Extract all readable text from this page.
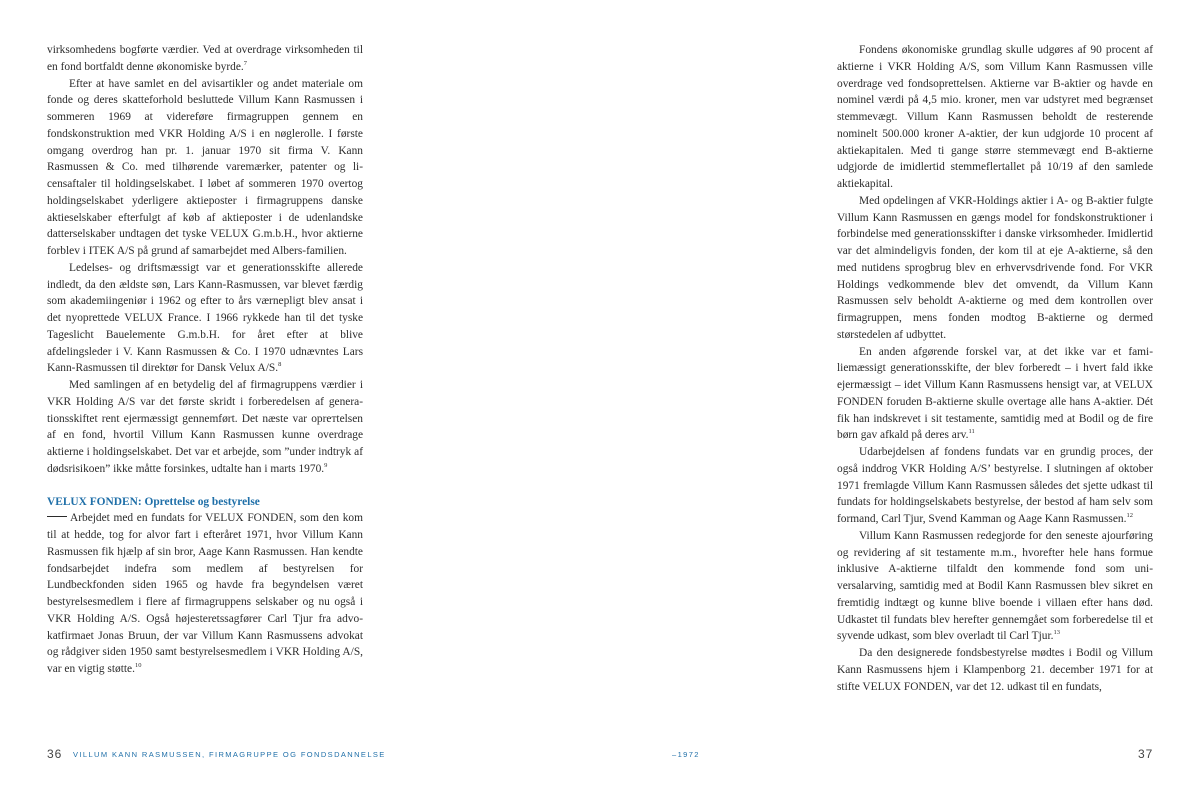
virksomhedens bogførte værdier. Ved at overdrage virksomheden til en fond bortfaldt denne økonomiske byrde.$^7$

Efter at have samlet en del avisartikler og andet materiale om fonde og deres skatteforhold besluttede Villum Kann Rasmussen i sommeren 1969 at videreføre firmagruppen gennem en fondskonstruktion med VKR Holding A/S i en nøglerolle. I første omgang overdrog han pr. 1. januar 1970 sit firma V. Kann Rasmussen & Co. med tilhørende varemærker, patenter og licensaftaler til holdingselskabet. I løbet af sommeren 1970 overtog holdingselskabet yderligere aktieposter i firmagruppens danske aktieselskaber efterfulgt af køb af aktieposter i de udenlandske datterselskaber undtagen det tyske VELUX G.m.b.H., hvor aktierne forblev i ITEK A/S på grund af samarbejdet med Albers-familien.

Ledelses- og driftsmæssigt var et generationsskifte allerede indledt, da den ældste søn, Lars Kann-Rasmussen, var blevet færdig som akademiingeniør i 1962 og efter to års værnepligt blev ansat i det nyoprettede VELUX France. I 1966 rykkede han til det tyske Tageslicht Bauelemente G.m.b.H. for året efter at blive afdelingsleder i V. Kann Rasmussen & Co. I 1970 udnævntes Lars Kann-Rasmussen til direktør for Dansk Velux A/S.$^8$

Med samlingen af en betydelig del af firmagruppens værdier i VKR Holding A/S var det første skridt i forberedelsen af generationsskiftet rent ejermæssigt gennemført. Det næste var oprетtelsen af en fond, hvortil Villum Kann Rasmussen kunne overdrage aktierne i holdingselskabet. Det var et arbejde, som ”under indtryk af dødsrisikoen” ikke måtte forsinkes, udtalte han i marts 1970.$^9$

VELUX FONDEN: Oprettelse og bestyrelse

Arbejdet med en fundats for VELUX FONDEN, som den kom til at hedde, tog for alvor fart i efteråret 1971, hvor Villum Kann Rasmussen fik hjælp af sin bror, Aage Kann Rasmussen. Han kendte fondsarbejdet indefra som medlem af bestyrelsen for Lundbeckfonden siden 1965 og havde fra begyndelsen været bestyrelsesmedlem i flere af firmagruppens selskaber og nu også i VKR Holding A/S. Også højesteretssagfører Carl Tjur fra advokatfirmaet Jonas Bruun, der var Villum Kann Rasmussens advokat og rådgiver siden 1950 samt bestyrelsesmedlem i VKR Holding A/S, var en vigtig støtte.$^{10}$

Fondens økonomiske grundlag skulle udgøres af 90 procent af aktierne i VKR Holding A/S, som Villum Kann Rasmussen ville overdrage ved fondsoprettelsen. Aktierne var B-aktier og havde en nominel værdi på 4,5 mio. kroner, men var udstyret med begrænset stemmevægt. Villum Kann Rasmussen beholdt de resterende nominelt 500.000 kroner A-aktier, der kun udgjorde 10 procent af aktiekapitalen. Med ti gange større stemmevægt end B-aktierne udgjorde de imidlertid stemmeflertallet på 10/19 af den samlede aktiekapital.

Med opdelingen af VKR-Holdings aktier i A- og B-aktier fulgte Villum Kann Rasmussen en gængs model for fondskonstruktioner i forbindelse med generationsskifter i danske virksomheder. Imidlertid var det almindeligvis fonden, der kom til at eje A-aktierne, så den med nutidens sprogbrug blev en erhvervsdrivende fond. For VKR Holdings vedkommende blev det omvendt, da Villum Kann Rasmussen selv beholdt A-aktierne og med dem kontrollen over firmagruppen, mens fonden modtog B-aktierne og dermed størstedelen af udbyttet.

En anden afgørende forskel var, at det ikke var et familiemæssigt generationsskifte, der blev forberedt – i hvert fald ikke ejermæssigt – idet Villum Kann Rasmussens hensigt var, at VELUX FONDEN foruden B-aktierne skulle overtage alle hans A-aktier. Dét fik han indskrevet i sit testamente, samtidig med at Bodil og de fire børn gav afkald på deres arv.$^{11}$

Udarbejdelsen af fondens fundats var en grundig proces, der også inddrog VKR Holding A/S’ bestyrelse. I slutningen af oktober 1971 fremlagde Villum Kann Rasmussen således det sjette udkast til fundats for holdingselskabets bestyrelse, der bestod af ham selv som formand, Carl Tjur, Svend Kamman og Aage Kann Rasmussen.$^{12}$

Villum Kann Rasmussen redegjorde for den seneste ajourføring og revidering af sit testamente m.m., hvorefter hele hans formue inklusive A-aktierne tilfaldt den kommende fond som universalarving, samtidig med at Bodil Kann Rasmussen blev sikret en fremtidig indtægt og kunne blive boende i villaen efter hans død. Udkastet til fundats blev herefter gennemgået som forberedelse til et syvende udkast, som blev overladt til Carl Tjur.$^{13}$

Da den designerede fondsbestyrelse mødtes i Bodil og Villum Kann Rasmussens hjem i Klampenborg 21. december 1971 for at stifte VELUX FONDEN, var det 12. udkast til en fundats,

36 VILLUM KANN RASMUSSEN, FIRMAGRUPPE OG FONDSDANNELSE	–1972	37
